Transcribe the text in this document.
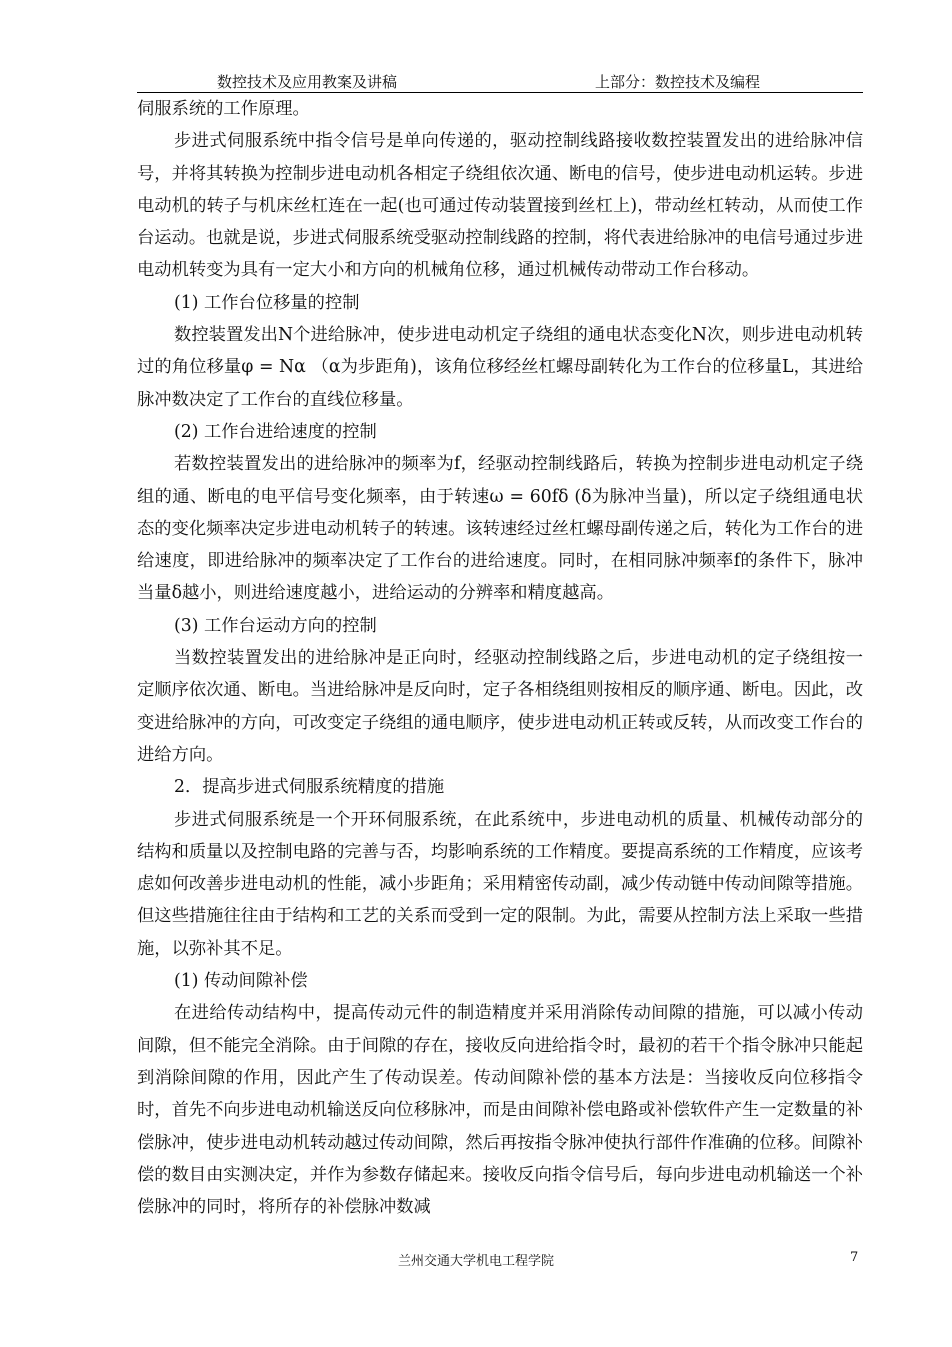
数控技术及应用教案及讲稿	上部分：数控技术及编程

伺服系统的工作原理。

步进式伺服系统中指令信号是单向传递的，驱动控制线路接收数控装置发出的进给脉冲信号，并将其转换为控制步进电动机各相定子绕组依次通、断电的信号，使步进电动机运转。步进电动机的转子与机床丝杠连在一起(也可通过传动装置接到丝杠上)，带动丝杠转动，从而使工作台运动。也就是说，步进式伺服系统受驱动控制线路的控制，将代表进给脉冲的电信号通过步进电动机转变为具有一定大小和方向的机械角位移，通过机械传动带动工作台移动。

(1) 工作台位移量的控制

数控装置发出N个进给脉冲，使步进电动机定子绕组的通电状态变化N次，则步进电动机转过的角位移量φ = Nα （α为步距角)，该角位移经丝杠螺母副转化为工作台的位移量L，其进给脉冲数决定了工作台的直线位移量。

(2) 工作台进给速度的控制

若数控装置发出的进给脉冲的频率为f，经驱动控制线路后，转换为控制步进电动机定子绕组的通、断电的电平信号变化频率，由于转速ω = 60fδ (δ为脉冲当量)，所以定子绕组通电状态的变化频率决定步进电动机转子的转速。该转速经过丝杠螺母副传递之后，转化为工作台的进给速度，即进给脉冲的频率决定了工作台的进给速度。同时，在相同脉冲频率f的条件下，脉冲当量δ越小，则进给速度越小，进给运动的分辨率和精度越高。

(3) 工作台运动方向的控制

当数控装置发出的进给脉冲是正向时，经驱动控制线路之后，步进电动机的定子绕组按一定顺序依次通、断电。当进给脉冲是反向时，定子各相绕组则按相反的顺序通、断电。因此，改变进给脉冲的方向，可改变定子绕组的通电顺序，使步进电动机正转或反转，从而改变工作台的进给方向。

2．提高步进式伺服系统精度的措施

步进式伺服系统是一个开环伺服系统，在此系统中，步进电动机的质量、机械传动部分的结构和质量以及控制电路的完善与否，均影响系统的工作精度。要提高系统的工作精度，应该考虑如何改善步进电动机的性能，减小步距角；采用精密传动副，减少传动链中传动间隙等措施。但这些措施往往由于结构和工艺的关系而受到一定的限制。为此，需要从控制方法上采取一些措施，以弥补其不足。

(1) 传动间隙补偿

在进给传动结构中，提高传动元件的制造精度并采用消除传动间隙的措施，可以减小传动间隙，但不能完全消除。由于间隙的存在，接收反向进给指令时，最初的若干个指令脉冲只能起到消除间隙的作用，因此产生了传动误差。传动间隙补偿的基本方法是：当接收反向位移指令时，首先不向步进电动机输送反向位移脉冲，而是由间隙补偿电路或补偿软件产生一定数量的补偿脉冲，使步进电动机转动越过传动间隙，然后再按指令脉冲使执行部件作准确的位移。间隙补偿的数目由实测决定，并作为参数存储起来。接收反向指令信号后，每向步进电动机输送一个补偿脉冲的同时，将所存的补偿脉冲数减

兰州交通大学机电工程学院	7
